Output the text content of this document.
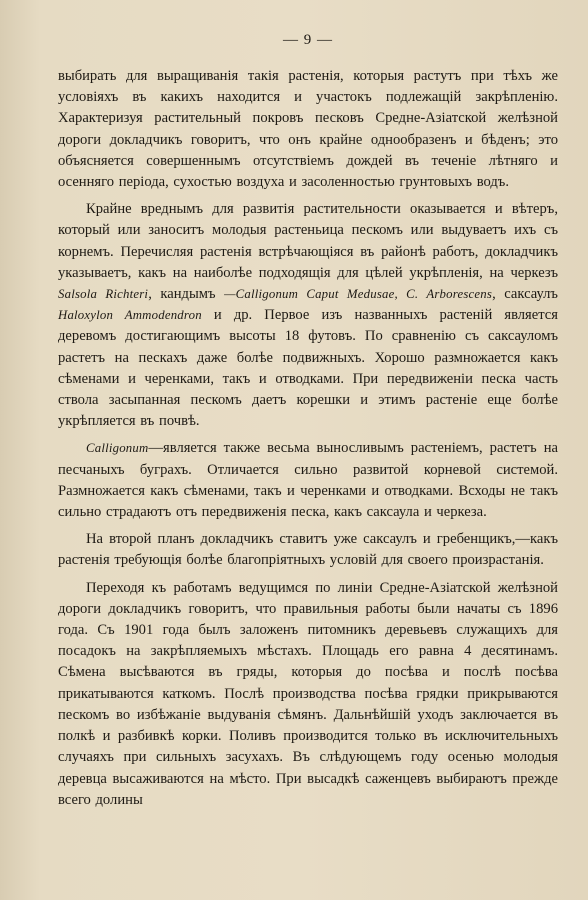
— 9 —

выбирать для выращиванія такія растенія, которыя растутъ при тѣхъ же условіяхъ въ какихъ находится и участокъ подлежащій закрѣпленію. Характеризуя растительный покровъ песковъ Средне-Азіатской желѣзной дороги докладчикъ говоритъ, что онъ крайне однообразенъ и бѣденъ; это объясняется совершеннымъ отсутствіемъ дождей въ теченіе лѣтняго и осенняго періода, сухостью воздуха и засоленностью грунтовыхъ водъ.

Крайне вреднымъ для развитія растительности оказывается и вѣтеръ, который или заноситъ молодыя растеньица пескомъ или выдуваетъ ихъ съ корнемъ. Перечисляя растенія встрѣчающіяся въ районѣ работъ, докладчикъ указываетъ, какъ на наиболѣе подходящія для цѣлей укрѣпленія, на черкезъ Salsola Richteri, кандымъ —Calligonum Caput Medusae, C. Arborescens, саксаулъ Haloxylon Ammodendron и др. Первое изъ названныхъ растеній является деревомъ достигающимъ высоты 18 футовъ. По сравненію съ саксауломъ растетъ на пескахъ даже болѣе подвижныхъ. Хорошо размножается какъ сѣменами и черенками, такъ и отводками. При передвиженіи песка часть ствола засыпанная пескомъ даетъ корешки и этимъ растеніе еще болѣе укрѣпляется въ почвѣ.

Calligonum—является также весьма выносливымъ растеніемъ, растетъ на песчаныхъ буграхъ. Отличается сильно развитой корневой системой. Размножается какъ сѣменами, такъ и черенками и отводками. Всходы не такъ сильно страдаютъ отъ передвиженія песка, какъ саксаула и черкеза.

На второй планъ докладчикъ ставитъ уже саксаулъ и гребенщикъ,—какъ растенія требующія болѣе благопріятныхъ условій для своего произрастанія.

Переходя къ работамъ ведущимся по линіи Средне-Азіатской желѣзной дороги докладчикъ говоритъ, что правильныя работы были начаты съ 1896 года. Съ 1901 года былъ заложенъ питомникъ деревьевъ служащихъ для посадокъ на закрѣпляемыхъ мѣстахъ. Площадь его равна 4 десятинамъ. Сѣмена высѣваются въ гряды, которыя до посѣва и послѣ посѣва прикатываются каткомъ. Послѣ производства посѣва грядки прикрываются пескомъ во избѣжаніе выдуванія сѣмянъ. Дальнѣйшій уходъ заключается въ полкѣ и разбивкѣ корки. Поливъ производится только въ исключительныхъ случаяхъ при сильныхъ засухахъ. Въ слѣдующемъ году осенью молодыя деревца высаживаются на мѣсто. При высадкѣ саженцевъ выбираютъ прежде всего долины
